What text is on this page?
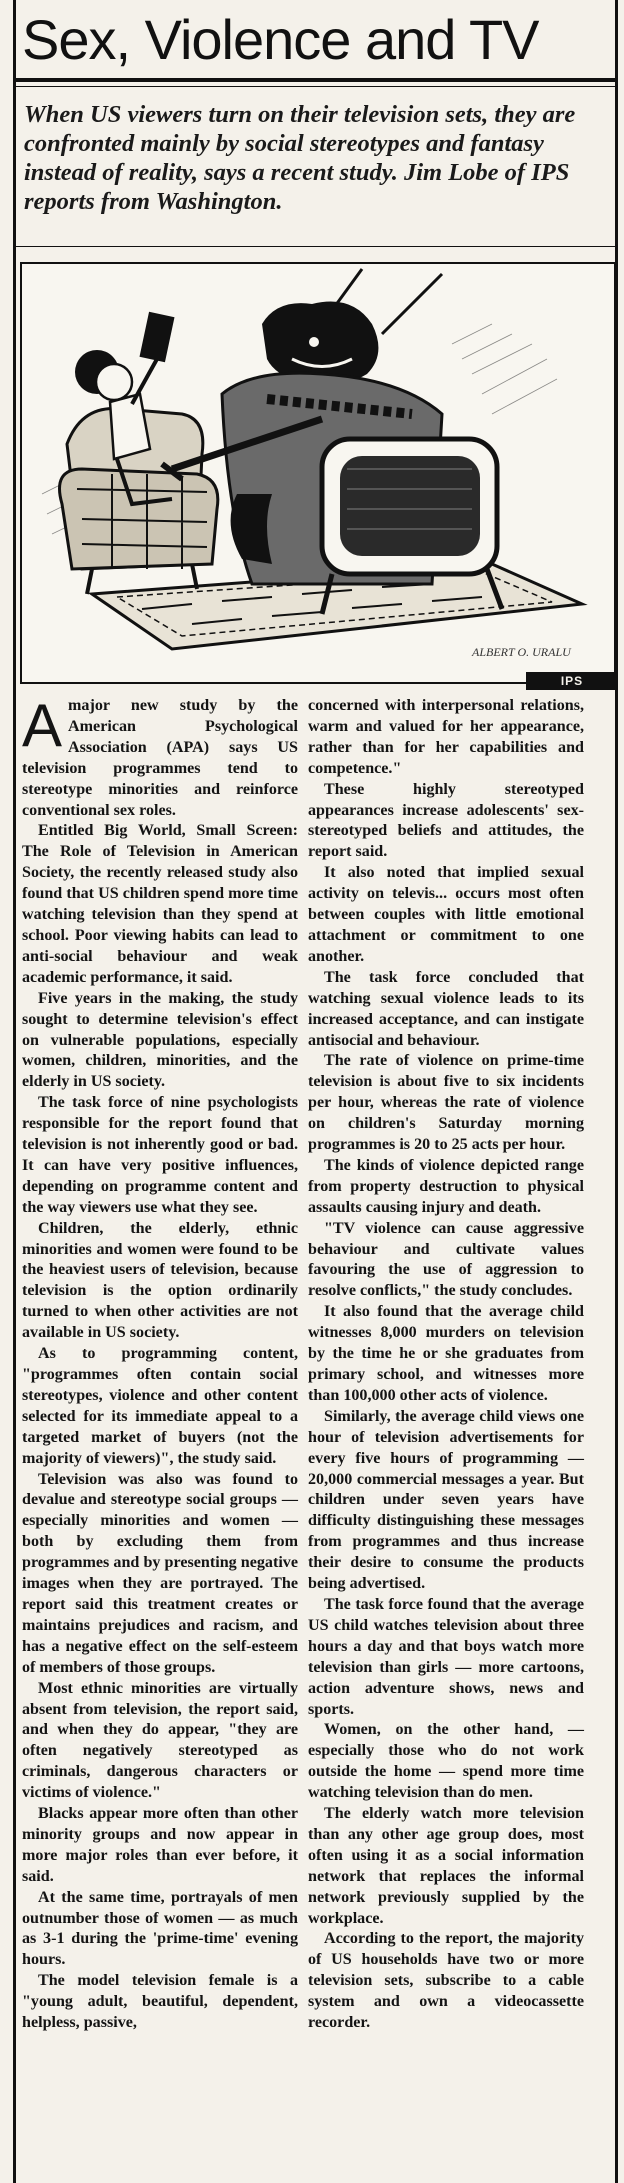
Sex, Violence and TV
When US viewers turn on their television sets, they are confronted mainly by social stereotypes and fantasy instead of reality, says a recent study. Jim Lobe of IPS reports from Washington.
ALBERT O. URALU
IPS

Amajor new study by the American Psychological Association (APA) says US television programmes tend to stereotype minorities and reinforce conventional sex roles.

Entitled Big World, Small Screen: The Role of Television in American Society, the recently released study also found that US children spend more time watching television than they spend at school. Poor viewing habits can lead to anti-social behaviour and weak academic performance, it said.

Five years in the making, the study sought to determine television's effect on vulnerable populations, especially women, children, minorities, and the elderly in US society.

The task force of nine psychologists responsible for the report found that television is not inherently good or bad. It can have very positive influences, depending on programme content and the way viewers use what they see.

Children, the elderly, ethnic minorities and women were found to be the heaviest users of television, because television is the option ordinarily turned to when other activities are not available in US society.

As to programming content, "programmes often contain social stereotypes, violence and other content selected for its immediate appeal to a targeted market of buyers (not the majority of viewers)", the study said.

Television was also was found to devalue and stereotype social groups — especially minorities and women — both by excluding them from programmes and by presenting negative images when they are portrayed. The report said this treatment creates or maintains prejudices and racism, and has a negative effect on the self-esteem of members of those groups.

Most ethnic minorities are virtually absent from television, the report said, and when they do appear, "they are often negatively stereotyped as criminals, dangerous characters or victims of violence."

Blacks appear more often than other minority groups and now appear in more major roles than ever before, it said.

At the same time, portrayals of men outnumber those of women — as much as 3-1 during the 'prime-time' evening hours.

The model television female is a "young adult, beautiful, dependent, helpless, passive,

concerned with interpersonal relations, warm and valued for her appearance, rather than for her capabilities and competence."

These highly stereotyped appearances increase adolescents' sex-stereotyped beliefs and attitudes, the report said.

It also noted that implied sexual activity on televis... occurs most often between couples with little emotional attachment or commitment to one another.

The task force concluded that watching sexual violence leads to its increased acceptance, and can instigate antisocial and behaviour.

The rate of violence on prime-time television is about five to six incidents per hour, whereas the rate of violence on children's Saturday morning programmes is 20 to 25 acts per hour.

The kinds of violence depicted range from property destruction to physical assaults causing injury and death.

"TV violence can cause aggressive behaviour and cultivate values favouring the use of aggression to resolve conflicts," the study concludes.

It also found that the average child witnesses 8,000 murders on television by the time he or she graduates from primary school, and witnesses more than 100,000 other acts of violence.

Similarly, the average child views one hour of television advertisements for every five hours of programming — 20,000 commercial messages a year. But children under seven years have difficulty distinguishing these messages from programmes and thus increase their desire to consume the products being advertised.

The task force found that the average US child watches television about three hours a day and that boys watch more television than girls — more cartoons, action adventure shows, news and sports.

Women, on the other hand, — especially those who do not work outside the home — spend more time watching television than do men.

The elderly watch more television than any other age group does, most often using it as a social information network that replaces the informal network previously supplied by the workplace.

According to the report, the majority of US households have two or more television sets, subscribe to a cable system and own a videocassette recorder.
